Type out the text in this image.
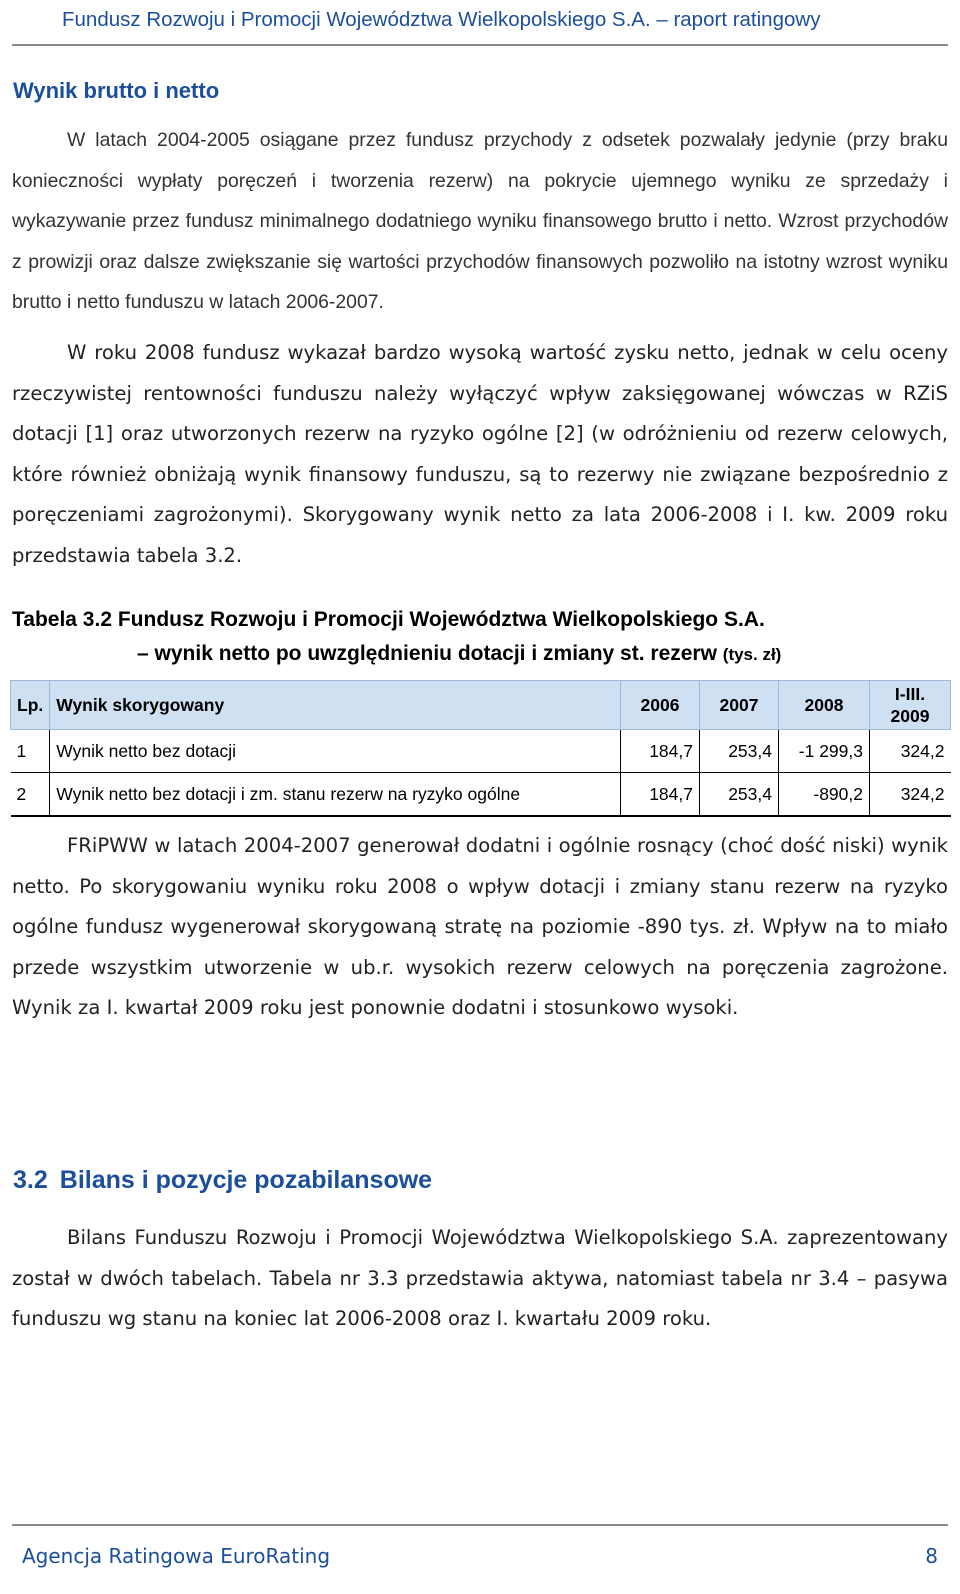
Fundusz Rozwoju i Promocji Województwa Wielkopolskiego S.A. – raport ratingowy
Wynik brutto i netto

W latach 2004-2005 osiągane przez fundusz przychody z odsetek pozwalały jedynie (przy braku konieczności wypłaty poręczeń i tworzenia rezerw) na pokrycie ujemnego wyniku ze sprzedaży i wykazywanie przez fundusz minimalnego dodatniego wyniku finansowego brutto i netto. Wzrost przychodów z prowizji oraz dalsze zwiększanie się wartości przychodów finansowych pozwoliło na istotny wzrost wyniku brutto i netto funduszu w latach 2006-2007.

W roku 2008 fundusz wykazał bardzo wysoką wartość zysku netto, jednak w celu oceny rzeczywistej rentowności funduszu należy wyłączyć wpływ zaksięgowanej wówczas w RZiS dotacji [1] oraz utworzonych rezerw na ryzyko ogólne [2] (w odróżnieniu od rezerw celowych, które również obniżają wynik finansowy funduszu, są to rezerwy nie związane bezpośrednio z poręczeniami zagrożonymi). Skorygowany wynik netto za lata 2006-2008 i I. kw. 2009 roku przedstawia tabela 3.2.

Tabela 3.2 Fundusz Rozwoju i Promocji Województwa Wielkopolskiego S.A.
– wynik netto po uwzględnieniu dotacji i zmiany st. rezerw (tys. zł)
Lp.	Wynik skorygowany	2006	2007	2008	I-III. 2009
1	Wynik netto bez dotacji	184,7	253,4	-1 299,3	324,2
2	Wynik netto bez dotacji i zm. stanu rezerw na ryzyko ogólne	184,7	253,4	-890,2	324,2

FRiPWW w latach 2004-2007 generował dodatni i ogólnie rosnący (choć dość niski) wynik netto. Po skorygowaniu wyniku roku 2008 o wpływ dotacji i zmiany stanu rezerw na ryzyko ogólne fundusz wygenerował skorygowaną stratę na poziomie -890 tys. zł. Wpływ na to miało przede wszystkim utworzenie w ub.r. wysokich rezerw celowych na poręczenia zagrożone. Wynik za I. kwartał 2009 roku jest ponownie dodatni i stosunkowo wysoki.

3.2 Bilans i pozycje pozabilansowe

Bilans Funduszu Rozwoju i Promocji Województwa Wielkopolskiego S.A. zaprezentowany został w dwóch tabelach. Tabela nr 3.3 przedstawia aktywa, natomiast tabela nr 3.4 – pasywa funduszu wg stanu na koniec lat 2006-2008 oraz I. kwartału 2009 roku.

Agencja Ratingowa EuroRating	8
